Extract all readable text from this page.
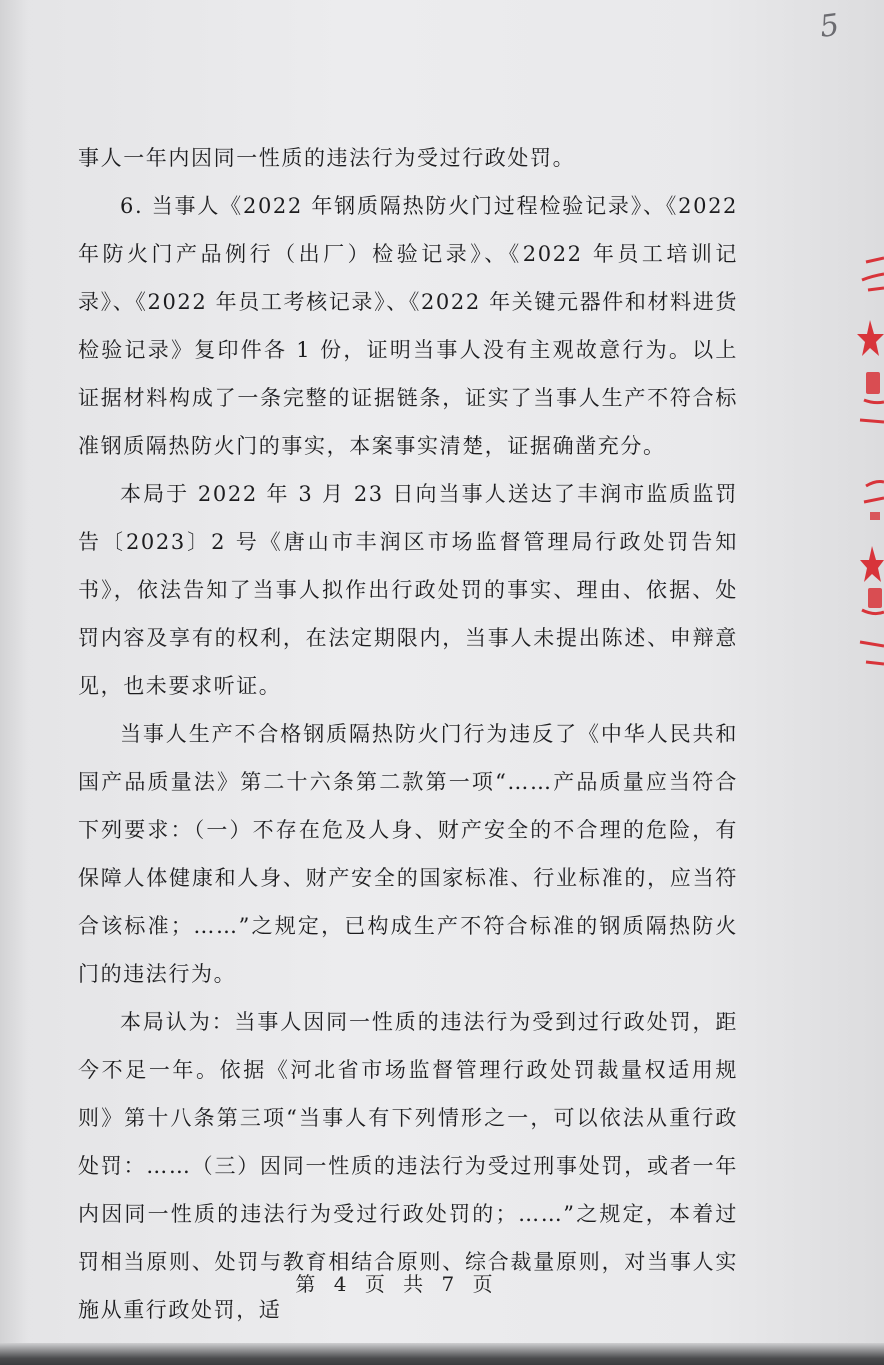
5

事人一年内因同一性质的违法行为受过行政处罚。

6. 当事人《2022 年钢质隔热防火门过程检验记录》、《2022 年防火门产品例行（出厂）检验记录》、《2022 年员工培训记录》、《2022 年员工考核记录》、《2022 年关键元器件和材料进货检验记录》复印件各 1 份，证明当事人没有主观故意行为。以上证据材料构成了一条完整的证据链条，证实了当事人生产不符合标准钢质隔热防火门的事实，本案事实清楚，证据确凿充分。

本局于 2022 年 3 月 23 日向当事人送达了丰润市监质监罚告〔2023〕2 号《唐山市丰润区市场监督管理局行政处罚告知书》，依法告知了当事人拟作出行政处罚的事实、理由、依据、处罚内容及享有的权利，在法定期限内，当事人未提出陈述、申辩意见，也未要求听证。

当事人生产不合格钢质隔热防火门行为违反了《中华人民共和国产品质量法》第二十六条第二款第一项“……产品质量应当符合下列要求：（一）不存在危及人身、财产安全的不合理的危险，有保障人体健康和人身、财产安全的国家标准、行业标准的，应当符合该标准；……”之规定，已构成生产不符合标准的钢质隔热防火门的违法行为。

本局认为：当事人因同一性质的违法行为受到过行政处罚，距今不足一年。依据《河北省市场监督管理行政处罚裁量权适用规则》第十八条第三项“当事人有下列情形之一，可以依法从重行政处罚：……（三）因同一性质的违法行为受过刑事处罚，或者一年内因同一性质的违法行为受过行政处罚的；……”之规定，本着过罚相当原则、处罚与教育相结合原则、综合裁量原则，对当事人实施从重行政处罚，适

第 4 页 共 7 页
